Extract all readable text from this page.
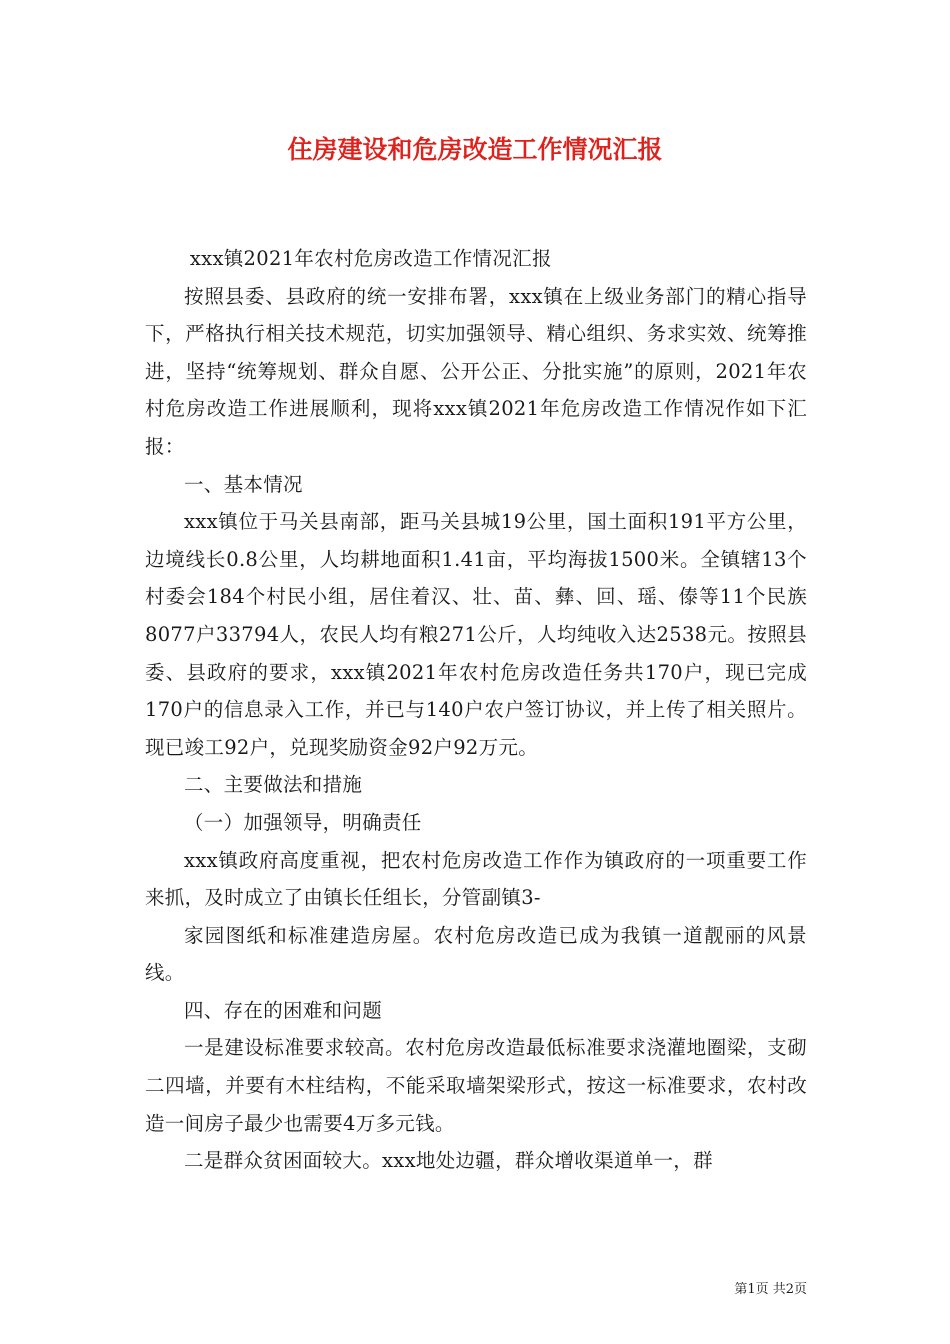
住房建设和危房改造工作情况汇报

xxx镇2021年农村危房改造工作情况汇报

按照县委、县政府的统一安排布署，xxx镇在上级业务部门的精心指导下，严格执行相关技术规范，切实加强领导、精心组织、务求实效、统筹推进，坚持“统筹规划、群众自愿、公开公正、分批实施”的原则，2021年农村危房改造工作进展顺利，现将xxx镇2021年危房改造工作情况作如下汇报：

一、基本情况

xxx镇位于马关县南部，距马关县城19公里，国土面积191平方公里，边境线长0.8公里，人均耕地面积1.41亩，平均海拔1500米。全镇辖13个村委会184个村民小组，居住着汉、壮、苗、彝、回、瑶、傣等11个民族8077户33794人，农民人均有粮271公斤，人均纯收入达2538元。按照县委、县政府的要求，xxx镇2021年农村危房改造任务共170户，现已完成170户的信息录入工作，并已与140户农户签订协议，并上传了相关照片。现已竣工92户，兑现奖励资金92户92万元。

二、主要做法和措施

（一）加强领导，明确责任

xxx镇政府高度重视，把农村危房改造工作作为镇政府的一项重要工作来抓，及时成立了由镇长任组长，分管副镇3-

家园图纸和标准建造房屋。农村危房改造已成为我镇一道靓丽的风景线。

四、存在的困难和问题

一是建设标准要求较高。农村危房改造最低标准要求浇灌地圈梁，支砌二四墙，并要有木柱结构，不能采取墙架梁形式，按这一标准要求，农村改造一间房子最少也需要4万多元钱。

二是群众贫困面较大。xxx地处边疆，群众增收渠道单一，群

第1页 共2页
